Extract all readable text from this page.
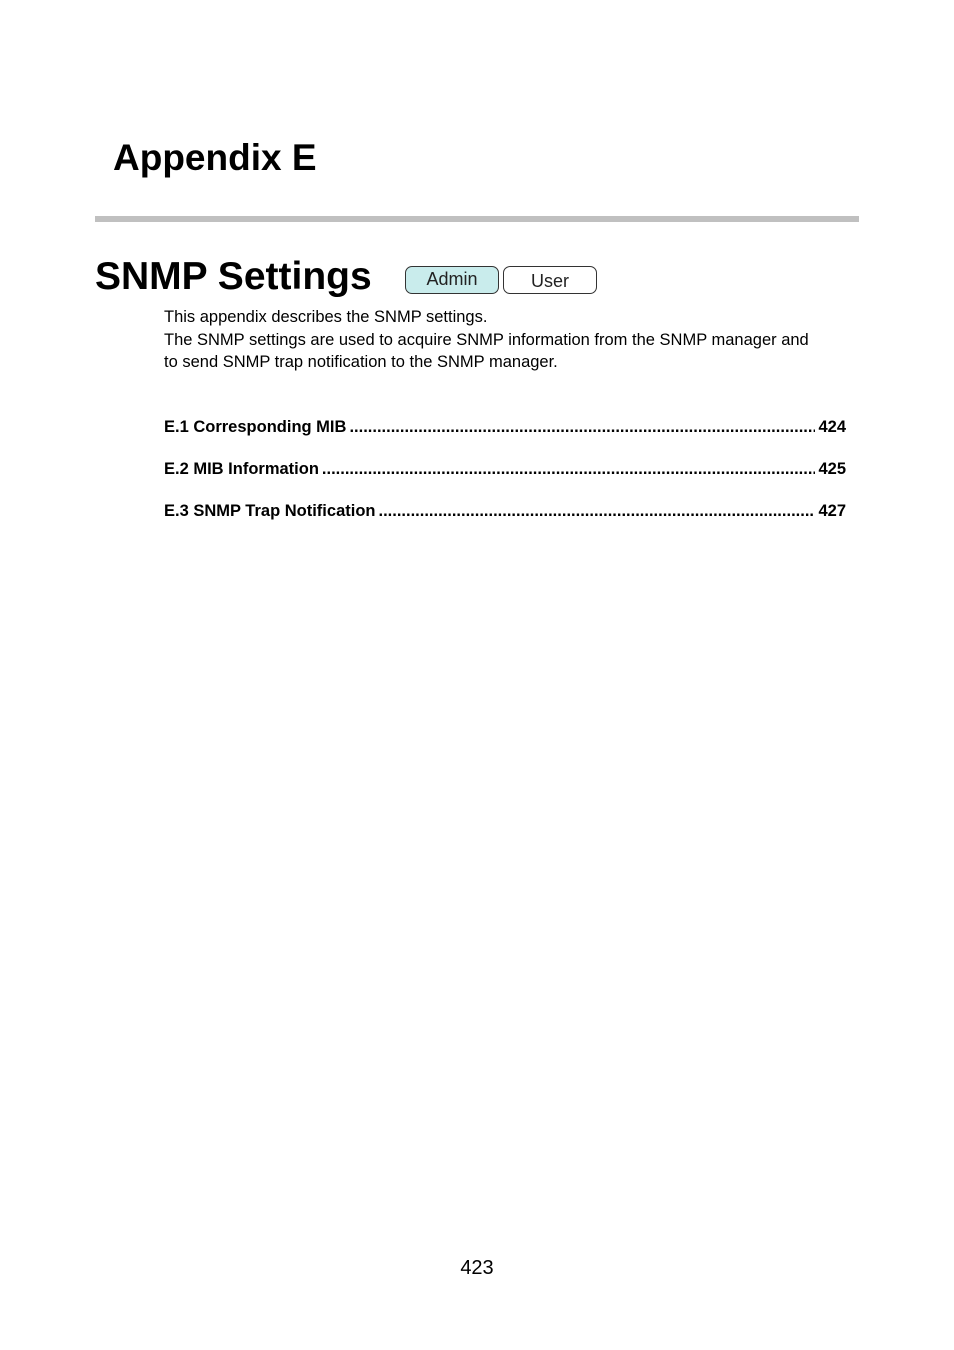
Appendix E
SNMP Settings	Admin	User

This appendix describes the SNMP settings.

The SNMP settings are used to acquire SNMP information from the SNMP manager and

to send SNMP trap notification to the SNMP manager.

E.1 Corresponding MIB .....	424
E.2 MIB Information .....	425
E.3 SNMP Trap Notification .....	427
423
